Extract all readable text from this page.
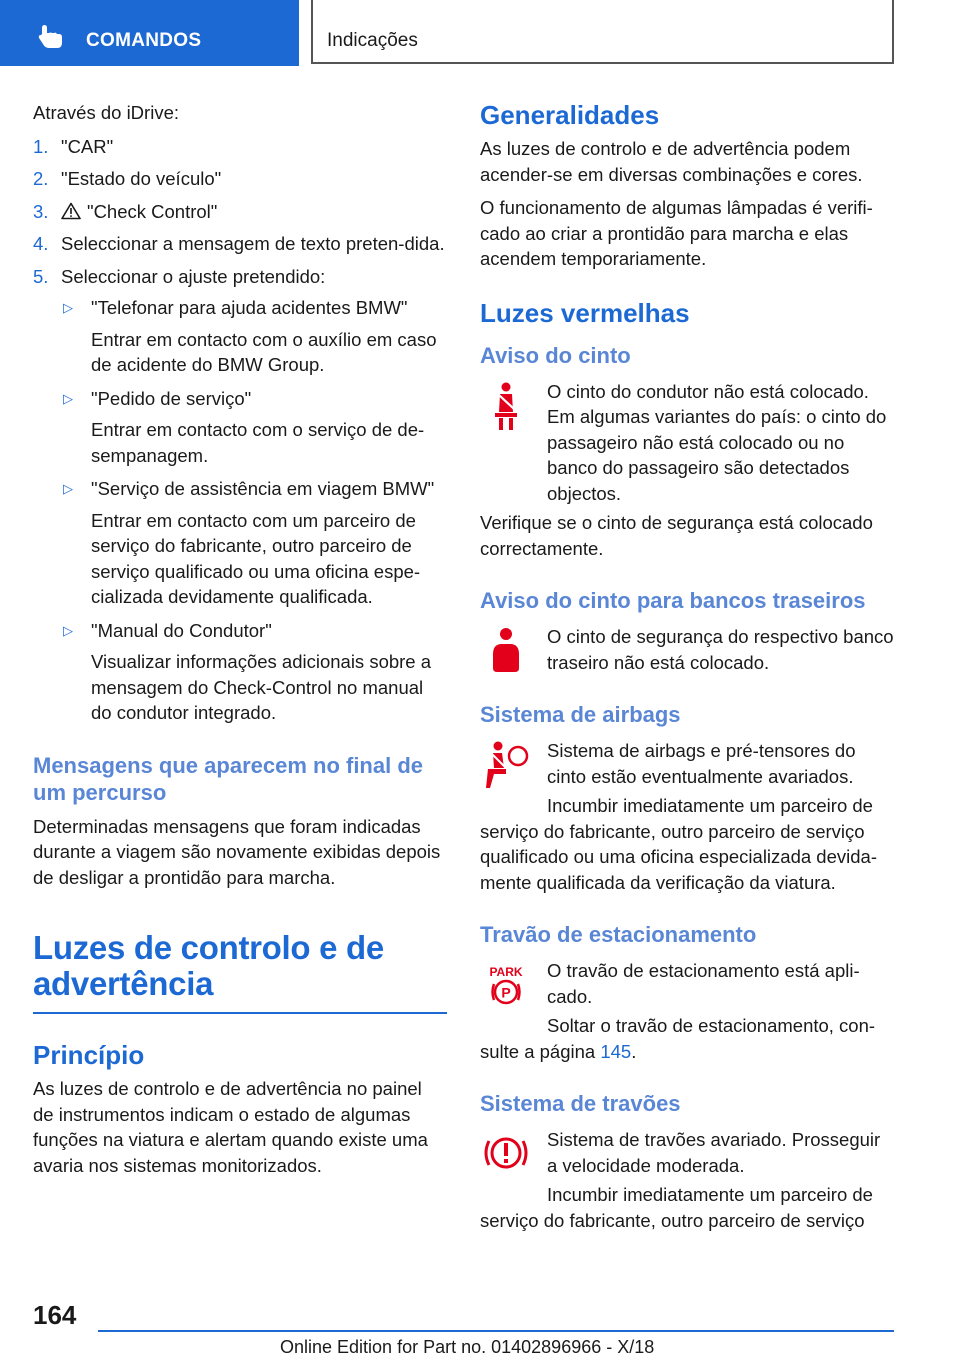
COMANDOS	Indicações

Através do iDrive:

1. "CAR"
2. "Estado do veículo"
3. "Check Control"
4. Seleccionar a mensagem de texto preten‐dida.
5. Seleccionar o ajuste pretendido:
▷ "Telefonar para ajuda acidentes BMW"

Entrar em contacto com o auxílio em caso de acidente do BMW Group.

▷ "Pedido de serviço"

Entrar em contacto com o serviço de de‐sempanagem.

▷ "Serviço de assistência em viagem BMW"

Entrar em contacto com um parceiro de serviço do fabricante, outro parceiro de serviço qualificado ou uma oficina espe‐cializada devidamente qualificada.

▷ "Manual do Condutor"

Visualizar informações adicionais sobre a mensagem do Check-Control no manual do condutor integrado.

Mensagens que aparecem no final de um percurso

Determinadas mensagens que foram indicadas durante a viagem são novamente exibidas depois de desligar a prontidão para marcha.

Luzes de controlo e de advertência
Princípio

As luzes de controlo e de advertência no painel de instrumentos indicam o estado de algumas funções na viatura e alertam quando existe uma avaria nos sistemas monitorizados.

Generalidades

As luzes de controlo e de advertência podem acender-se em diversas combinações e cores.

O funcionamento de algumas lâmpadas é verifi‐cado ao criar a prontidão para marcha e elas acendem temporariamente.

Luzes vermelhas
Aviso do cinto

O cinto do condutor não está colocado. Em algumas variantes do país: o cinto do passageiro não está colocado ou no banco do passageiro são detectados objectos.

Verifique se o cinto de segurança está colocado correctamente.

Aviso do cinto para bancos traseiros

O cinto de segurança do respectivo banco traseiro não está colocado.

Sistema de airbags

Sistema de airbags e pré-tensores do cinto estão eventualmente avariados.

Incumbir imediatamente um parceiro de serviço do fabricante, outro parceiro de serviço qualificado ou uma oficina especializada devida‐mente qualificada da verificação da viatura.

Travão de estacionamento
PARK
P

O travão de estacionamento está apli‐cado.

Soltar o travão de estacionamento, con‐sulte a página 145.

Sistema de travões

Sistema de travões avariado. Prosseguir a velocidade moderada.

Incumbir imediatamente um parceiro de serviço do fabricante, outro parceiro de serviço

164
Online Edition for Part no. 01402896966 - X/18
